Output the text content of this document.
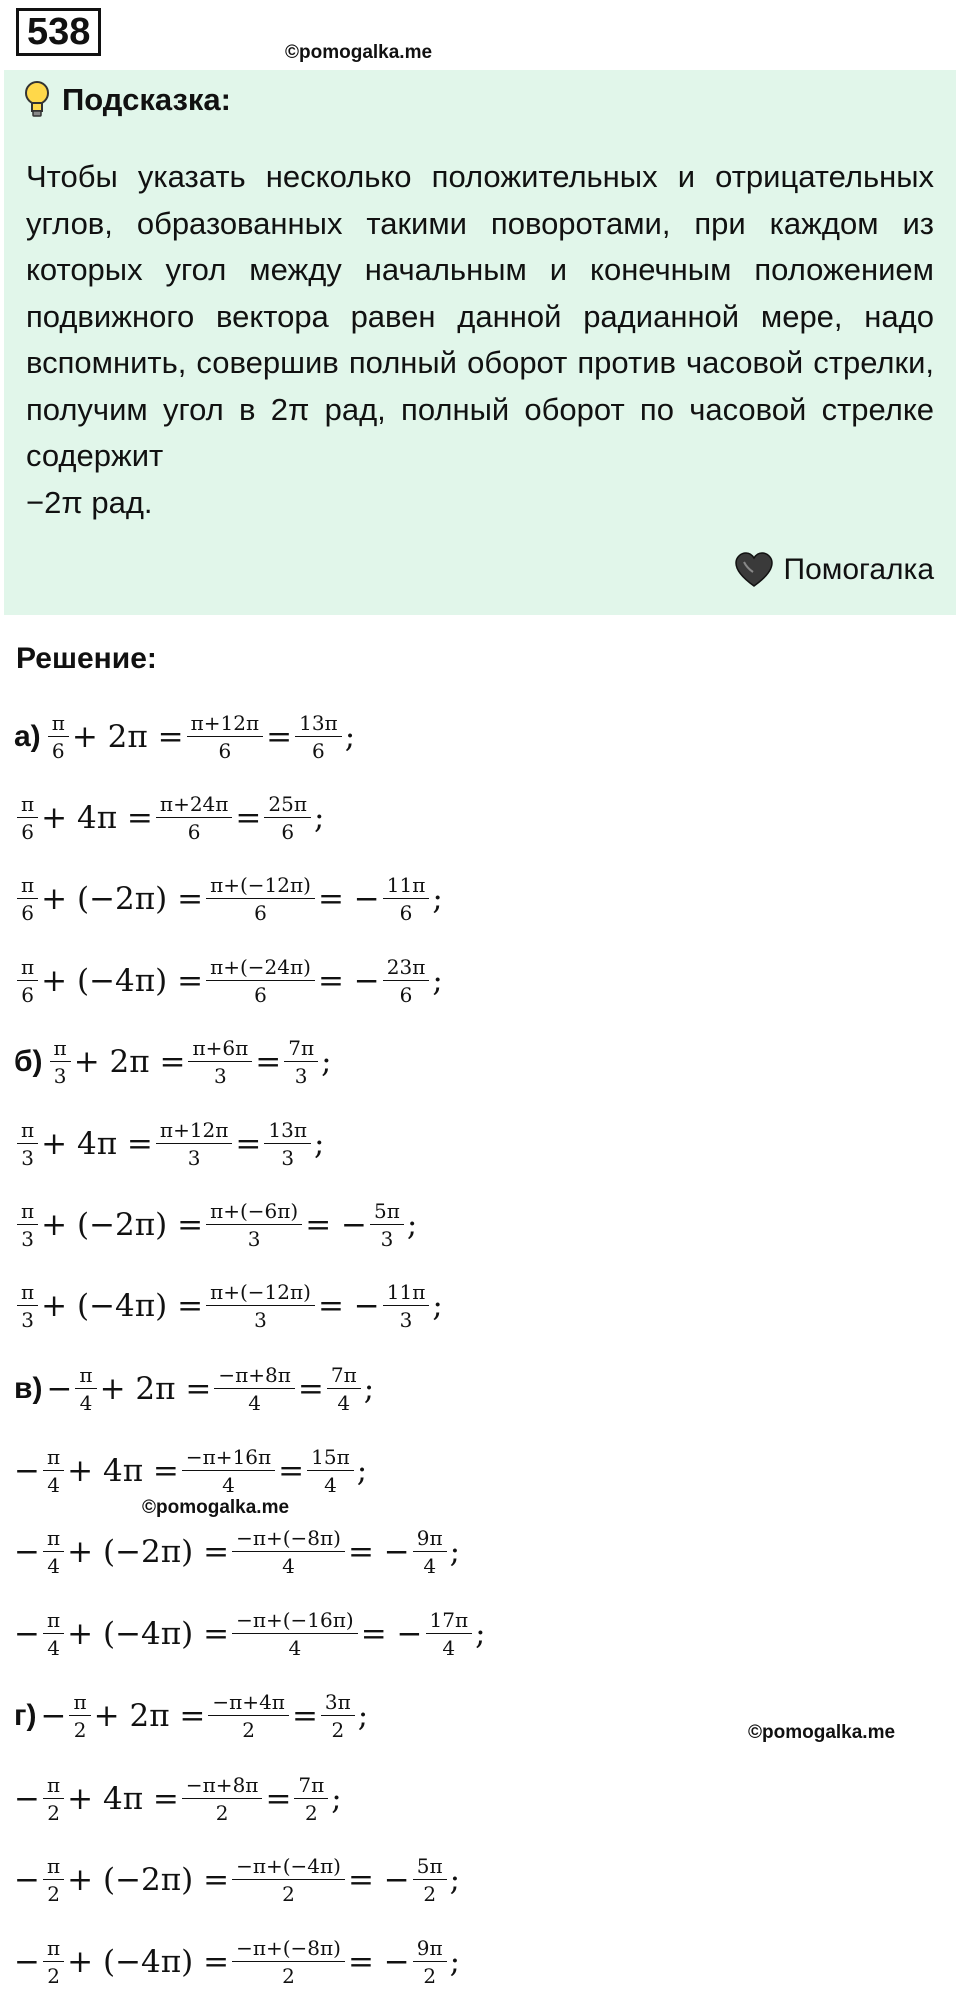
538	©pomogalka.me
Подсказка:
Чтобы указать несколько положительных и отрицательных углов, образованных такими поворотами, при каждом из которых угол между начальным и конечным положением подвижного вектора равен данной радианной мере, надо вспомнить, совершив полный оборот против часовой стрелки, получим угол в 2π рад, полный оборот по часовой стрелке содержит
−2π рад.
Помогалка
Решение:
$а) \frac{\pi}{6} + 2\pi = \frac{\pi+12\pi}{6} = \frac{13\pi}{6}$ ;
$\frac{\pi}{6} + 4\pi = \frac{\pi+24\pi}{6} = \frac{25\pi}{6}$ ;
$\frac{\pi}{6} + (-2\pi) = \frac{\pi+(-12\pi)}{6}$ = − $\frac{11\pi}{6}$ ;
$\frac{\pi}{6} + (-4\pi) = \frac{\pi+(-24\pi)}{6}$ = − $\frac{23\pi}{6}$ ;
$б) \frac{\pi}{3} + 2\pi = \frac{\pi+6\pi}{3} = \frac{7\pi}{3}$ ;
$\frac{\pi}{3} + 4\pi = \frac{\pi+12\pi}{3} = \frac{13\pi}{3}$ ;
$\frac{\pi}{3} + (-2\pi) = \frac{\pi+(-6\pi)}{3}$ = − $\frac{5\pi}{3}$ ;
$\frac{\pi}{3} + (-4\pi) = \frac{\pi+(-12\pi)}{3}$ = − $\frac{11\pi}{3}$ ;
$в) - \frac{\pi}{4} + 2\pi = \frac{-\pi+8\pi}{4} = \frac{7\pi}{4}$ ;
− $\frac{\pi}{4} + 4\pi = \frac{-\pi+16\pi}{4} = \frac{15\pi}{4}$ ;
− $\frac{\pi}{4} + (-2\pi) = \frac{-\pi+(-8\pi)}{4}$ = − $\frac{9\pi}{4}$ ;
− $\frac{\pi}{4} + (-4\pi) = \frac{-\pi+(-16\pi)}{4}$ = − $\frac{17\pi}{4}$ ;
$г) - \frac{\pi}{2} + 2\pi = \frac{-\pi+4\pi}{2} = \frac{3\pi}{2}$ ;
− $\frac{\pi}{2} + 4\pi = \frac{-\pi+8\pi}{2} = \frac{7\pi}{2}$ ;
− $\frac{\pi}{2} + (-2\pi) = \frac{-\pi+(-4\pi)}{2}$ = − $\frac{5\pi}{2}$ ;
− $\frac{\pi}{2} + (-4\pi) = \frac{-\pi+(-8\pi)}{2}$ = − $\frac{9\pi}{2}$ ;
©pomogalka.me
©pomogalka.me
